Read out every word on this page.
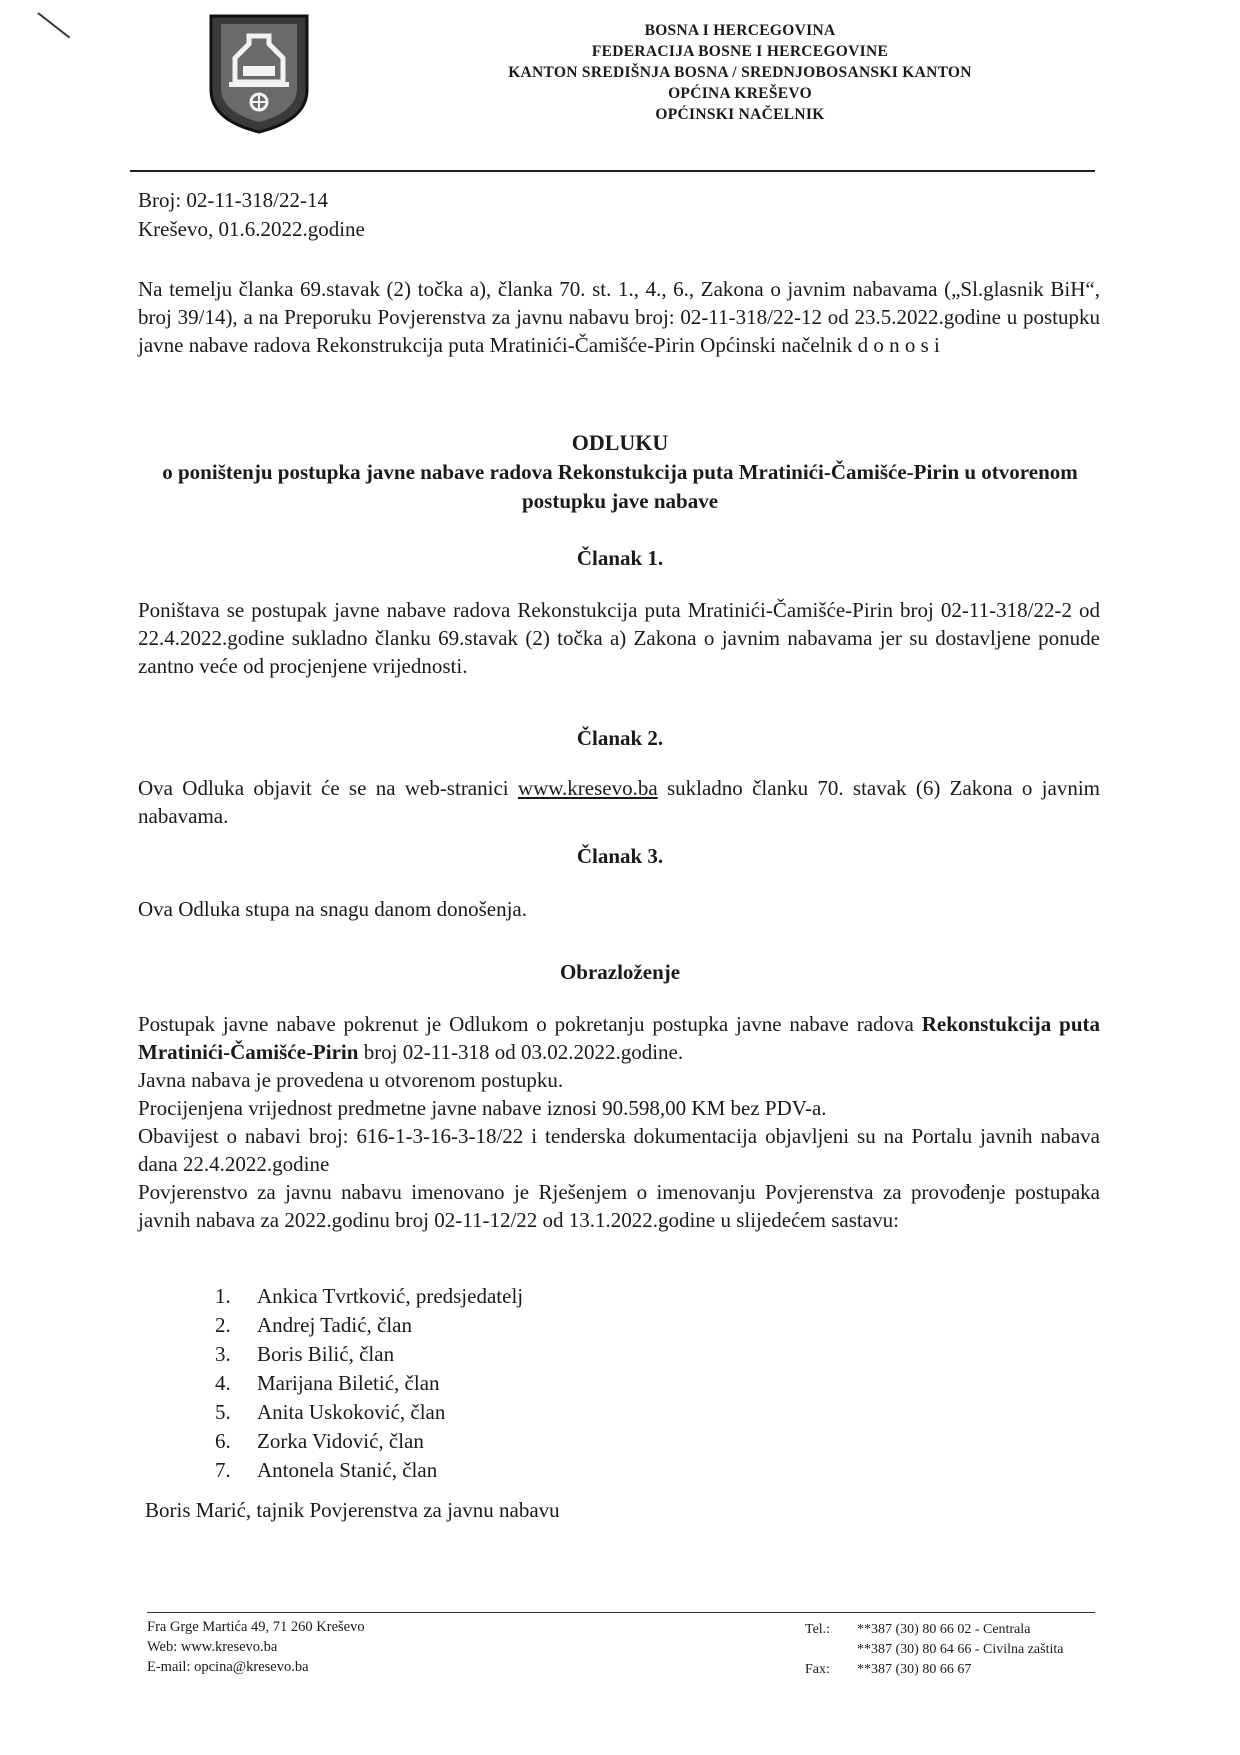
BOSNA I HERCEGOVINA
FEDERACIJA BOSNE I HERCEGOVINE
KANTON SREDIŠNJA BOSNA / SREDNJOBOSANSKI KANTON
OPĆINA KREŠEVO
OPĆINSKI NAČELNIK
Broj: 02-11-318/22-14
Kreševo, 01.6.2022.godine
Na temelju članka 69.stavak (2) točka a), članka 70. st. 1., 4., 6., Zakona o javnim nabavama („Sl.glasnik BiH“, broj 39/14), a na Preporuku Povjerenstva za javnu nabavu broj: 02-11-318/22-12 od 23.5.2022.godine u postupku javne nabave radova Rekonstrukcija puta Mratinići-Čamišće-Pirin Općinski načelnik d o n o s i
ODLUKU
o poništenju postupka javne nabave radova Rekonstukcija puta Mratinići-Čamišće-Pirin u otvorenom postupku jave nabave
Članak 1.
Poništava se postupak javne nabave radova Rekonstukcija puta Mratinići-Čamišće-Pirin broj 02-11-318/22-2 od 22.4.2022.godine sukladno članku 69.stavak (2) točka a) Zakona o javnim nabavama jer su dostavljene ponude zantno veće od procjenjene vrijednosti.
Članak 2.
Ova Odluka objavit će se na web-stranici www.kresevo.ba sukladno članku 70. stavak (6) Zakona o javnim nabavama.
Članak 3.
Ova Odluka stupa na snagu danom donošenja.
Obrazloženje

Postupak javne nabave pokrenut je Odlukom o pokretanju postupka javne nabave radova Rekonstukcija puta Mratinići-Čamišće-Pirin broj 02-11-318 od 03.02.2022.godine.

Javna nabava je provedena u otvorenom postupku.

Procijenjena vrijednost predmetne javne nabave iznosi 90.598,00 KM bez PDV-a.

Obavijest o nabavi broj: 616-1-3-16-3-18/22 i tenderska dokumentacija objavljeni su na Portalu javnih nabava dana 22.4.2022.godine

Povjerenstvo za javnu nabavu imenovano je Rješenjem o imenovanju Povjerenstva za provođenje postupaka javnih nabava za 2022.godinu broj 02-11-12/22 od 13.1.2022.godine u slijedećem sastavu:

1. Ankica Tvrtković, predsjedatelj
2. Andrej Tadić, član
3. Boris Bilić, član
4. Marijana Biletić, član
5. Anita Uskoković, član
6. Zorka Vidović, član
7. Antonela Stanić, član
Boris Marić, tajnik Povjerenstva za javnu nabavu
Fra Grge Martića 49, 71 260 Kreševo
Web: www.kresevo.ba
E-mail: opcina@kresevo.ba
Tel.: **387 (30) 80 66 02 - Centrala
**387 (30) 80 64 66 - Civilna zaštita
Fax: **387 (30) 80 66 67
